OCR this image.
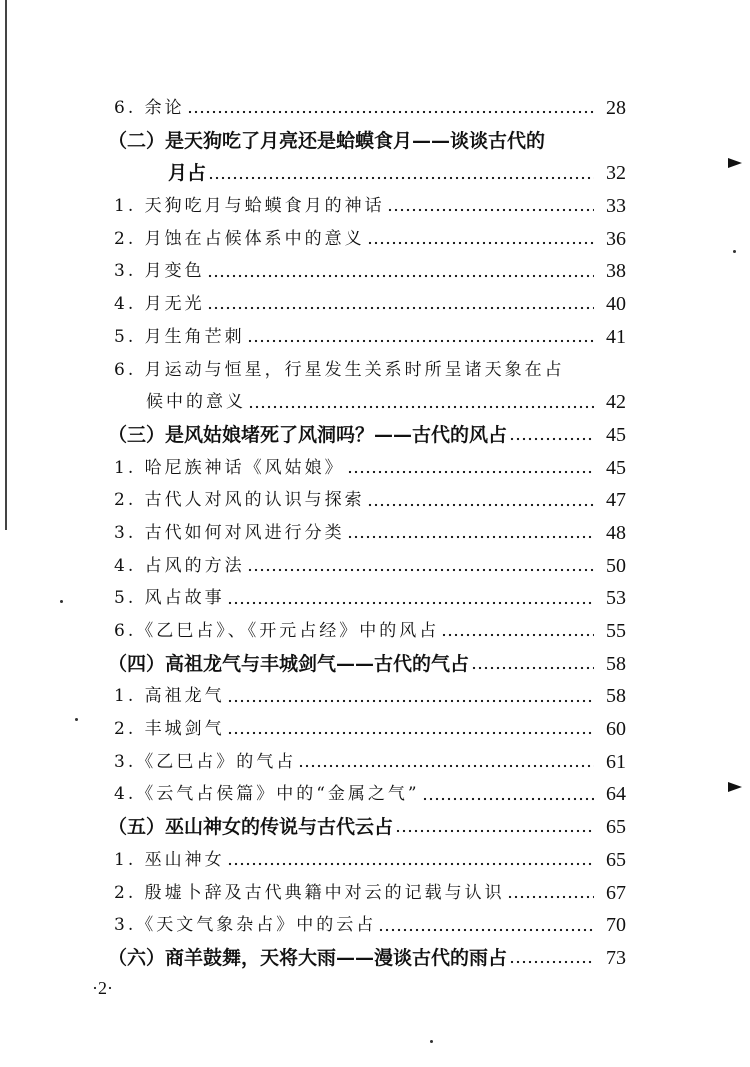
6. 余论	28
（二）是天狗吃了月亮还是蛤蟆食月——谈谈古代的
月占	32
1. 天狗吃月与蛤蟆食月的神话	33
2. 月蚀在占候体系中的意义	36
3. 月变色	38
4. 月无光	40
5. 月生角芒刺	41
6. 月运动与恒星，行星发生关系时所呈诸天象在占
候中的意义	42
（三）是风姑娘堵死了风洞吗？——古代的风占	45
1. 哈尼族神话《风姑娘》	45
2. 古代人对风的认识与探索	47
3. 古代如何对风进行分类	48
4. 占风的方法	50
5. 风占故事	53
6.《乙巳占》、《开元占经》中的风占	55
（四）高祖龙气与丰城剑气——古代的气占	58
1. 高祖龙气	58
2. 丰城剑气	60
3.《乙巳占》的气占	61
4.《云气占侯篇》中的“金属之气”	64
（五）巫山神女的传说与古代云占	65
1. 巫山神女	65
2. 殷墟卜辞及古代典籍中对云的记载与认识	67
3.《天文气象杂占》中的云占	70
（六）商羊鼓舞，天将大雨——漫谈古代的雨占	73
·2·
